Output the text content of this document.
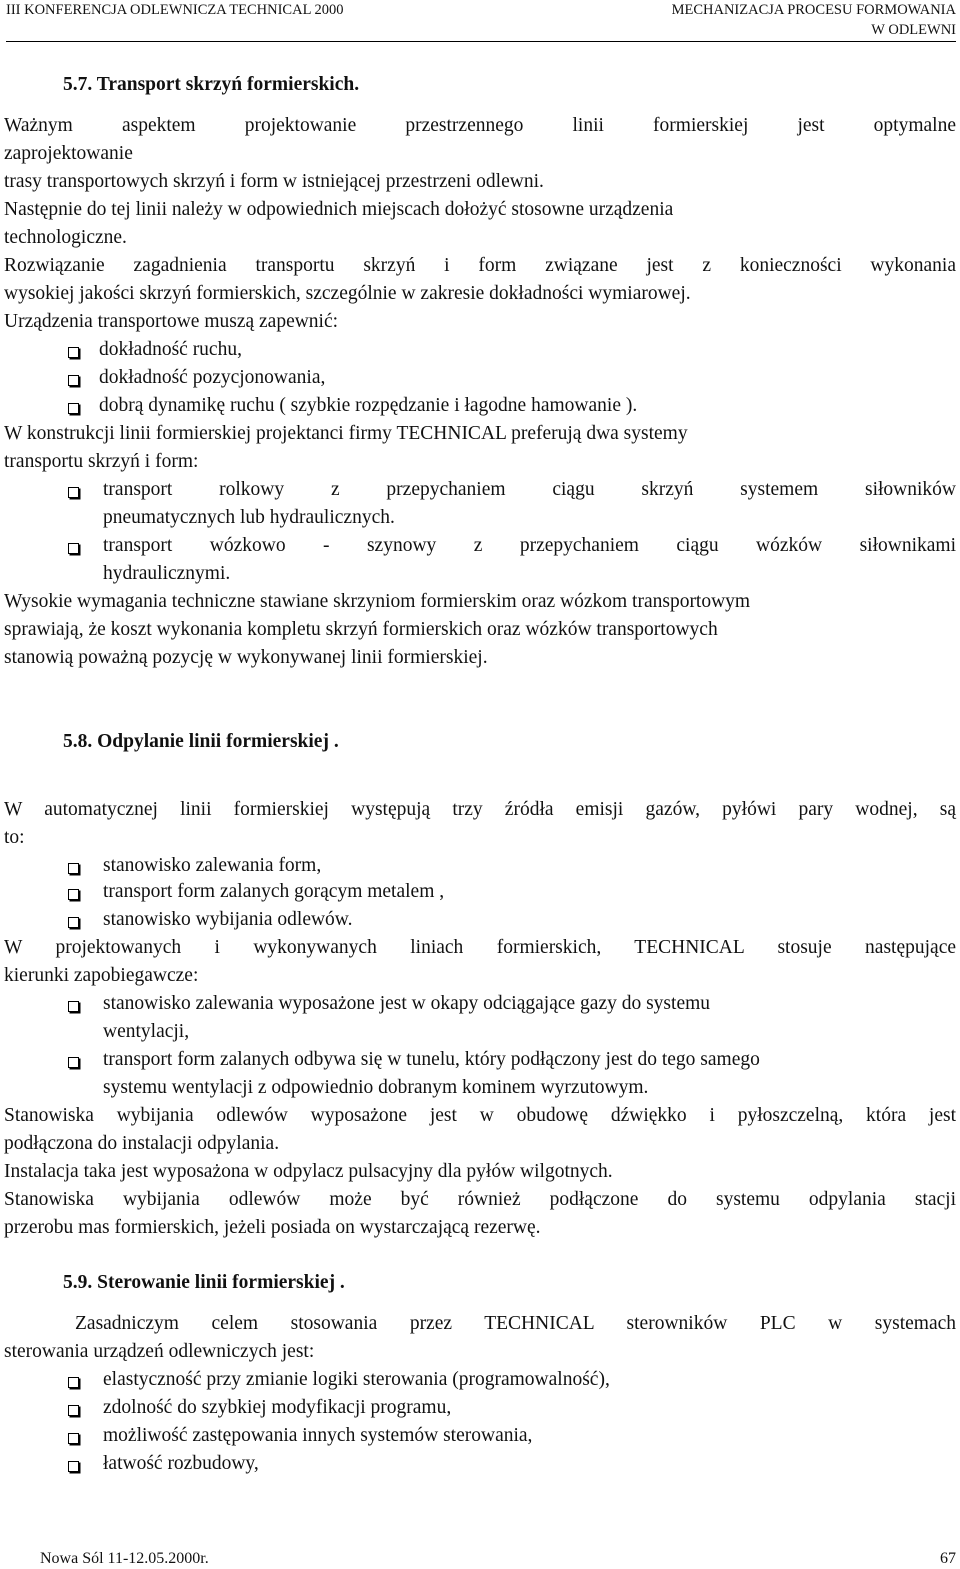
III KONFERENCJA ODLEWNICZA TECHNICAL 2000	MECHANIZACJA PROCESU FORMOWANIA
W ODLEWNI
5.7. Transport skrzyń formierskich.
Ważnym aspektem projektowanie przestrzennego linii formierskiej jest optymalne
zaprojektowanie
trasy transportowych skrzyń i form w istniejącej przestrzeni odlewni.
Następnie do tej linii należy w odpowiednich miejscach dołożyć stosowne urządzenia
technologiczne.
Rozwiązanie zagadnienia transportu skrzyń i form związane jest z konieczności wykonania
wysokiej jakości skrzyń formierskich, szczególnie w zakresie dokładności wymiarowej.
Urządzenia transportowe muszą zapewnić:
dokładność ruchu,
dokładność pozycjonowania,
dobrą dynamikę ruchu ( szybkie rozpędzanie i łagodne hamowanie ).
W konstrukcji linii formierskiej projektanci firmy TECHNICAL preferują dwa systemy
transportu skrzyń i form:
transport rolkowy z przepychaniem ciągu skrzyń systemem siłowników
pneumatycznych lub hydraulicznych.
transport wózkowo - szynowy z przepychaniem ciągu wózków siłownikami
hydraulicznymi.
Wysokie wymagania techniczne stawiane skrzyniom formierskim oraz wózkom transportowym
sprawiają, że koszt wykonania kompletu skrzyń formierskich oraz wózków transportowych
stanowią poważną pozycję w wykonywanej linii formierskiej.
5.8. Odpylanie linii formierskiej .
W automatycznej linii formierskiej występują trzy źródła emisji gazów, pyłówi pary wodnej, są
to:
stanowisko zalewania form,
transport form zalanych gorącym metalem ,
stanowisko wybijania odlewów.
W projektowanych i wykonywanych liniach formierskich, TECHNICAL stosuje następujące
kierunki zapobiegawcze:
stanowisko zalewania wyposażone jest w okapy odciągające gazy do systemu
wentylacji,
transport form zalanych odbywa się w tunelu, który podłączony jest do tego samego
systemu wentylacji z odpowiednio dobranym kominem wyrzutowym.
Stanowiska wybijania odlewów wyposażone jest w obudowę dźwiękko i pyłoszczelną, która jest
podłączona do instalacji odpylania.
Instalacja taka jest wyposażona w odpylacz pulsacyjny dla pyłów wilgotnych.
Stanowiska wybijania odlewów może być również podłączone do systemu odpylania stacji
przerobu mas formierskich, jeżeli posiada on wystarczającą rezerwę.
5.9. Sterowanie linii formierskiej .
Zasadniczym celem stosowania przez TECHNICAL sterowników PLC w systemach
sterowania urządzeń odlewniczych jest:
elastyczność przy zmianie logiki sterowania (programowalność),
zdolność do szybkiej modyfikacji programu,
możliwość zastępowania innych systemów sterowania,
łatwość rozbudowy,
Nowa Sól 11-12.05.2000r.	67
